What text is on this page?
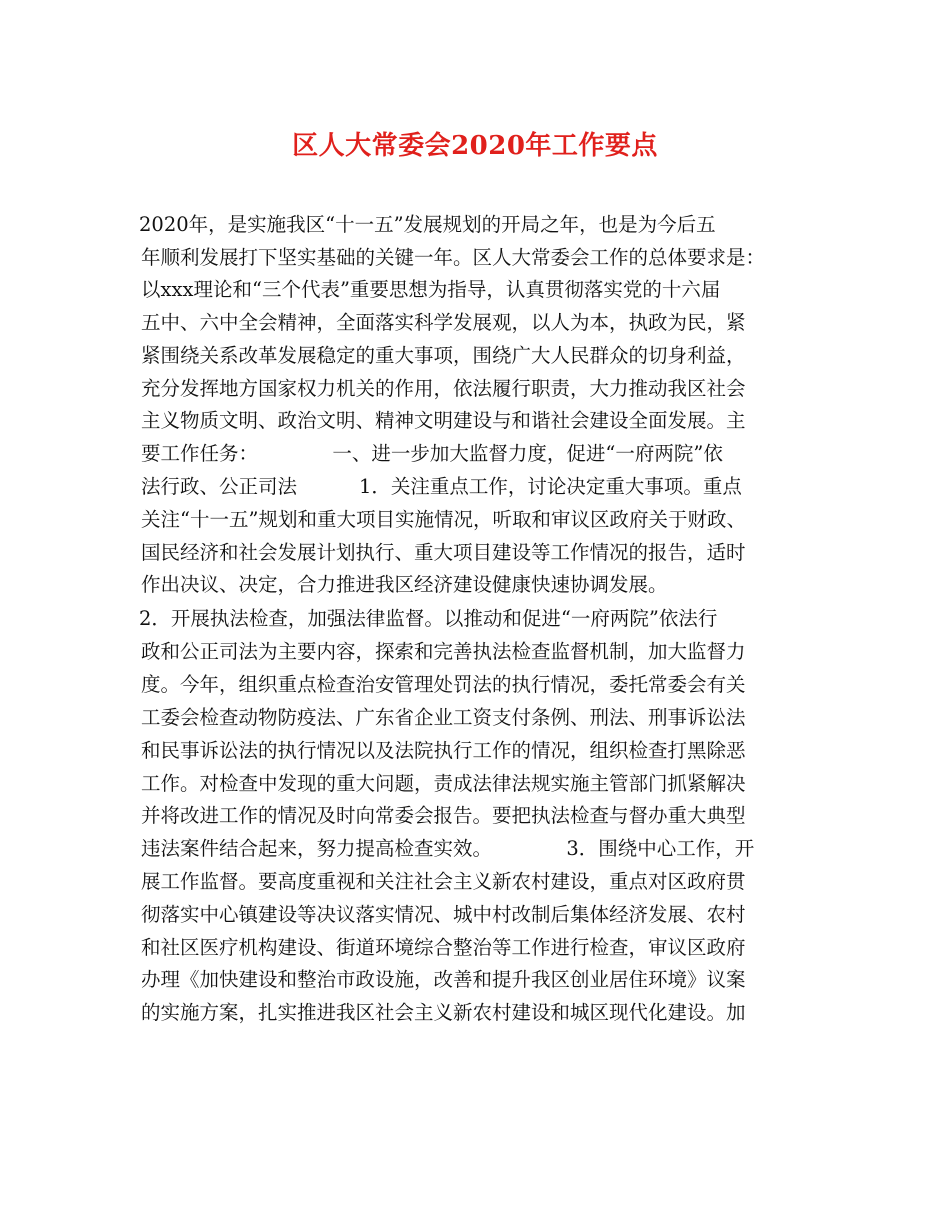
区人大常委会2020年工作要点
2020年，是实施我区“十一五”发展规划的开局之年，也是为今后五
年顺利发展打下坚实基础的关键一年。区人大常委会工作的总体要求是：
以xxx理论和“三个代表”重要思想为指导，认真贯彻落实党的十六届
五中、六中全会精神，全面落实科学发展观，以人为本，执政为民，紧
紧围绕关系改革发展稳定的重大事项，围绕广大人民群众的切身利益，
充分发挥地方国家权力机关的作用，依法履行职责，大力推动我区社会
主义物质文明、政治文明、精神文明建设与和谐社会建设全面发展。主
要工作任务：            一、进一步加大监督力度，促进“一府两院”依
法行政、公正司法          1．关注重点工作，讨论决定重大事项。重点
关注“十一五”规划和重大项目实施情况，听取和审议区政府关于财政、
国民经济和社会发展计划执行、重大项目建设等工作情况的报告，适时
作出决议、决定，合力推进我区经济建设健康快速协调发展。
2．开展执法检查，加强法律监督。以推动和促进“一府两院”依法行
政和公正司法为主要内容，探索和完善执法检查监督机制，加大监督力
度。今年，组织重点检查治安管理处罚法的执行情况，委托常委会有关
工委会检查动物防疫法、广东省企业工资支付条例、刑法、刑事诉讼法
和民事诉讼法的执行情况以及法院执行工作的情况，组织检查打黑除恶
工作。对检查中发现的重大问题，责成法律法规实施主管部门抓紧解决
并将改进工作的情况及时向常委会报告。要把执法检查与督办重大典型
违法案件结合起来，努力提高检查实效。            3．围绕中心工作，开
展工作监督。要高度重视和关注社会主义新农村建设，重点对区政府贯
彻落实中心镇建设等决议落实情况、城中村改制后集体经济发展、农村
和社区医疗机构建设、街道环境综合整治等工作进行检查，审议区政府
办理《加快建设和整治市政设施，改善和提升我区创业居住环境》议案
的实施方案，扎实推进我区社会主义新农村建设和城区现代化建设。加
